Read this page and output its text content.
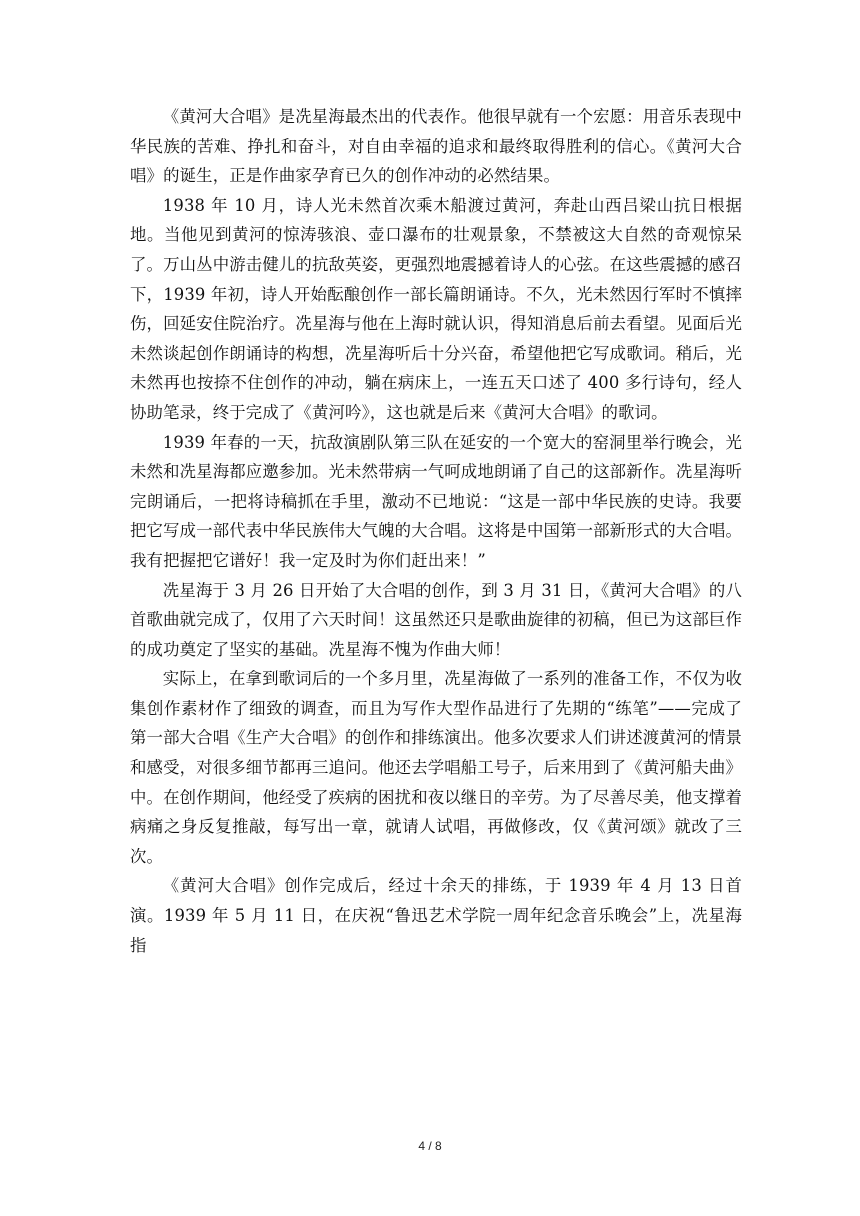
《黄河大合唱》是冼星海最杰出的代表作。他很早就有一个宏愿：用音乐表现中华民族的苦难、挣扎和奋斗，对自由幸福的追求和最终取得胜利的信心。《黄河大合唱》的诞生，正是作曲家孕育已久的创作冲动的必然结果。

1938 年 10 月，诗人光未然首次乘木船渡过黄河，奔赴山西吕梁山抗日根据地。当他见到黄河的惊涛骇浪、壶口瀑布的壮观景象，不禁被这大自然的奇观惊呆了。万山丛中游击健儿的抗敌英姿，更强烈地震撼着诗人的心弦。在这些震撼的感召下，1939 年初，诗人开始酝酿创作一部长篇朗诵诗。不久，光未然因行军时不慎摔伤，回延安住院治疗。冼星海与他在上海时就认识，得知消息后前去看望。见面后光未然谈起创作朗诵诗的构想，冼星海听后十分兴奋，希望他把它写成歌词。稍后，光未然再也按捺不住创作的冲动，躺在病床上，一连五天口述了 400 多行诗句，经人协助笔录，终于完成了《黄河吟》，这也就是后来《黄河大合唱》的歌词。

1939 年春的一天，抗敌演剧队第三队在延安的一个宽大的窑洞里举行晚会，光未然和冼星海都应邀参加。光未然带病一气呵成地朗诵了自己的这部新作。冼星海听完朗诵后，一把将诗稿抓在手里，激动不已地说：“这是一部中华民族的史诗。我要把它写成一部代表中华民族伟大气魄的大合唱。这将是中国第一部新形式的大合唱。我有把握把它谱好！我一定及时为你们赶出来！”

冼星海于 3 月 26 日开始了大合唱的创作，到 3 月 31 日，《黄河大合唱》的八首歌曲就完成了，仅用了六天时间！这虽然还只是歌曲旋律的初稿，但已为这部巨作的成功奠定了坚实的基础。冼星海不愧为作曲大师！

实际上，在拿到歌词后的一个多月里，冼星海做了一系列的准备工作，不仅为收集创作素材作了细致的调查，而且为写作大型作品进行了先期的“练笔”——完成了第一部大合唱《生产大合唱》的创作和排练演出。他多次要求人们讲述渡黄河的情景和感受，对很多细节都再三追问。他还去学唱船工号子，后来用到了《黄河船夫曲》中。在创作期间，他经受了疾病的困扰和夜以继日的辛劳。为了尽善尽美，他支撑着病痛之身反复推敲，每写出一章，就请人试唱，再做修改，仅《黄河颂》就改了三次。

《黄河大合唱》创作完成后，经过十余天的排练，于 1939 年 4 月 13 日首演。1939 年 5 月 11 日，在庆祝“鲁迅艺术学院一周年纪念音乐晚会”上，冼星海指

4 / 8
